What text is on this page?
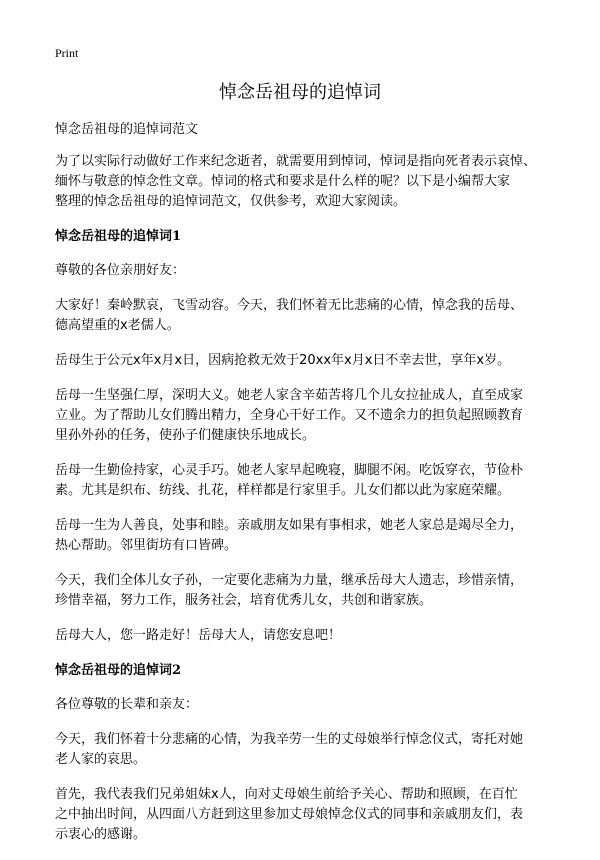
Print
悼念岳祖母的追悼词

悼念岳祖母的追悼词范文

为了以实际行动做好工作来纪念逝者，就需要用到悼词，悼词是指向死者表示哀悼、
缅怀与敬意的悼念性文章。悼词的格式和要求是什么样的呢？以下是小编帮大家
整理的悼念岳祖母的追悼词范文，仅供参考，欢迎大家阅读。

悼念岳祖母的追悼词1

尊敬的各位亲朋好友：

大家好！秦岭默哀，飞雪动容。今天，我们怀着无比悲痛的心情，悼念我的岳母、
德高望重的x老儒人。

岳母生于公元x年x月x日，因病抢救无效于20xx年x月x日不幸去世，享年x岁。

岳母一生坚强仁厚，深明大义。她老人家含辛茹苦将几个儿女拉扯成人，直至成家
立业。为了帮助儿女们腾出精力，全身心干好工作。又不遗余力的担负起照顾教育
里孙外孙的任务，使孙子们健康快乐地成长。

岳母一生勤俭持家，心灵手巧。她老人家早起晚寝，脚腿不闲。吃饭穿衣，节俭朴
素。尤其是织布、纺线、扎花，样样都是行家里手。儿女们都以此为家庭荣耀。

岳母一生为人善良，处事和睦。亲戚朋友如果有事相求，她老人家总是竭尽全力，
热心帮助。邻里街坊有口皆碑。

今天，我们全体儿女子孙，一定要化悲痛为力量，继承岳母大人遗志，珍惜亲情，
珍惜幸福，努力工作，服务社会，培育优秀儿女，共创和谐家族。

岳母大人，您一路走好！岳母大人，请您安息吧！

悼念岳祖母的追悼词2

各位尊敬的长辈和亲友：

今天，我们怀着十分悲痛的心情，为我辛劳一生的丈母娘举行悼念仪式，寄托对她
老人家的哀思。

首先，我代表我们兄弟姐妹x人，向对丈母娘生前给予关心、帮助和照顾，在百忙
之中抽出时间，从四面八方赶到这里参加丈母娘悼念仪式的同事和亲戚朋友们，表
示衷心的感谢。
